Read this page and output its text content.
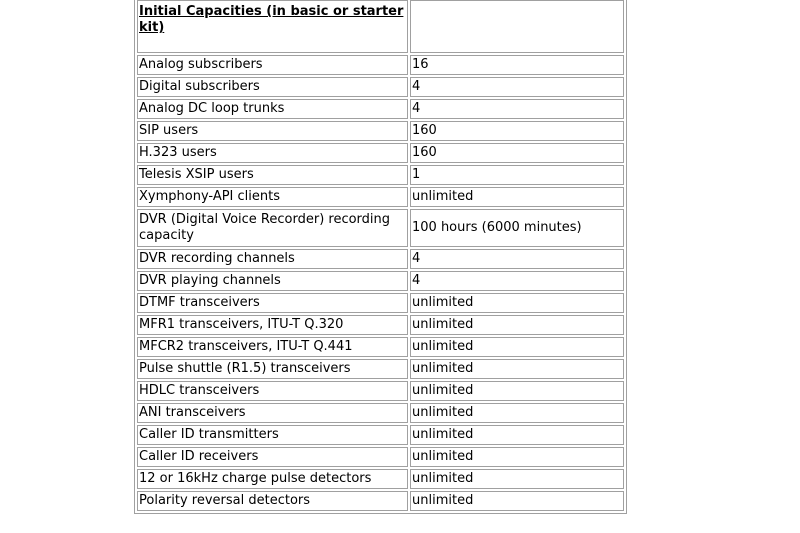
Initial Capacities (in basic or starter kit)	
Analog subscribers	16
Digital subscribers	4
Analog DC loop trunks	4
SIP users	160
H.323 users	160
Telesis XSIP users	1
Xymphony-API clients	unlimited
DVR (Digital Voice Recorder) recording capacity	100 hours (6000 minutes)
DVR recording channels	4
DVR playing channels	4
DTMF transceivers	unlimited
MFR1 transceivers, ITU-T Q.320	unlimited
MFCR2 transceivers, ITU-T Q.441	unlimited
Pulse shuttle (R1.5) transceivers	unlimited
HDLC transceivers	unlimited
ANI transceivers	unlimited
Caller ID transmitters	unlimited
Caller ID receivers	unlimited
12 or 16kHz charge pulse detectors	unlimited
Polarity reversal detectors	unlimited
